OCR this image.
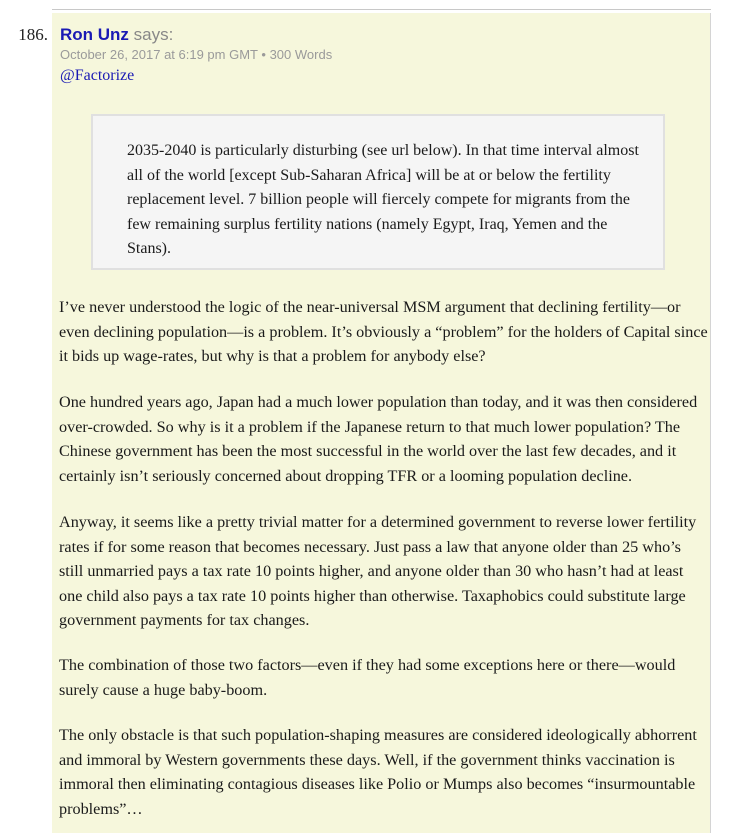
186. Ron Unz says:
October 26, 2017 at 6:19 pm GMT • 300 Words
@Factorize

2035-2040 is particularly disturbing (see url below). In that time interval almost all of the world [except Sub-Saharan Africa] will be at or below the fertility replacement level. 7 billion people will fiercely compete for migrants from the few remaining surplus fertility nations (namely Egypt, Iraq, Yemen and the Stans).

I’ve never understood the logic of the near-universal MSM argument that declining fertility—or even declining population—is a problem. It’s obviously a “problem” for the holders of Capital since it bids up wage-rates, but why is that a problem for anybody else?

One hundred years ago, Japan had a much lower population than today, and it was then considered over-crowded. So why is it a problem if the Japanese return to that much lower population? The Chinese government has been the most successful in the world over the last few decades, and it certainly isn’t seriously concerned about dropping TFR or a looming population decline.

Anyway, it seems like a pretty trivial matter for a determined government to reverse lower fertility rates if for some reason that becomes necessary. Just pass a law that anyone older than 25 who’s still unmarried pays a tax rate 10 points higher, and anyone older than 30 who hasn’t had at least one child also pays a tax rate 10 points higher than otherwise. Taxaphobics could substitute large government payments for tax changes.

The combination of those two factors—even if they had some exceptions here or there—would surely cause a huge baby-boom.

The only obstacle is that such population-shaping measures are considered ideologically abhorrent and immoral by Western governments these days. Well, if the government thinks vaccination is immoral then eliminating contagious diseases like Polio or Mumps also becomes “insurmountable problems”…
